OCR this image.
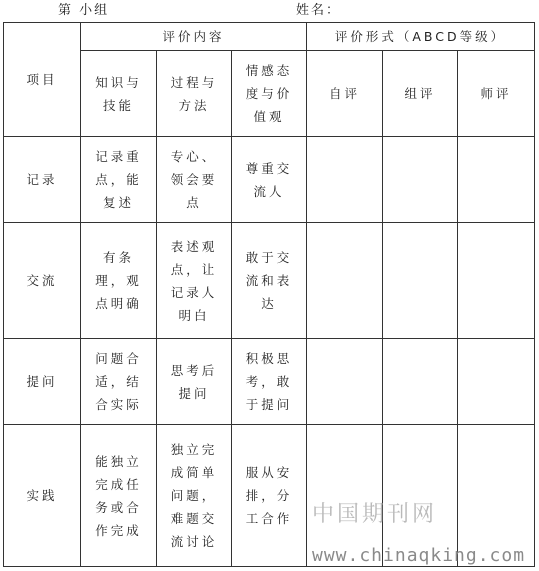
第 小组	姓名：
项目	评价内容			评价形式（ABCD等级）		

	知识与技能	过程与方法	情感态度与价值观	自评	组评	师评
记录	记录重点，能复述	专心、领会要点	尊重交流人			

交流	有条理，观点明确	表述观点，让记录人明白	敢于交流和表达			

提问	问题合适，结合实际	思考后提问	积极思考，敢于提问			

实践	能独立完成任务或合作完成	独立完成简单问题，难题交流讨论	服从安排，分工合作			
			中国期刊网
www.chinaqking.com
